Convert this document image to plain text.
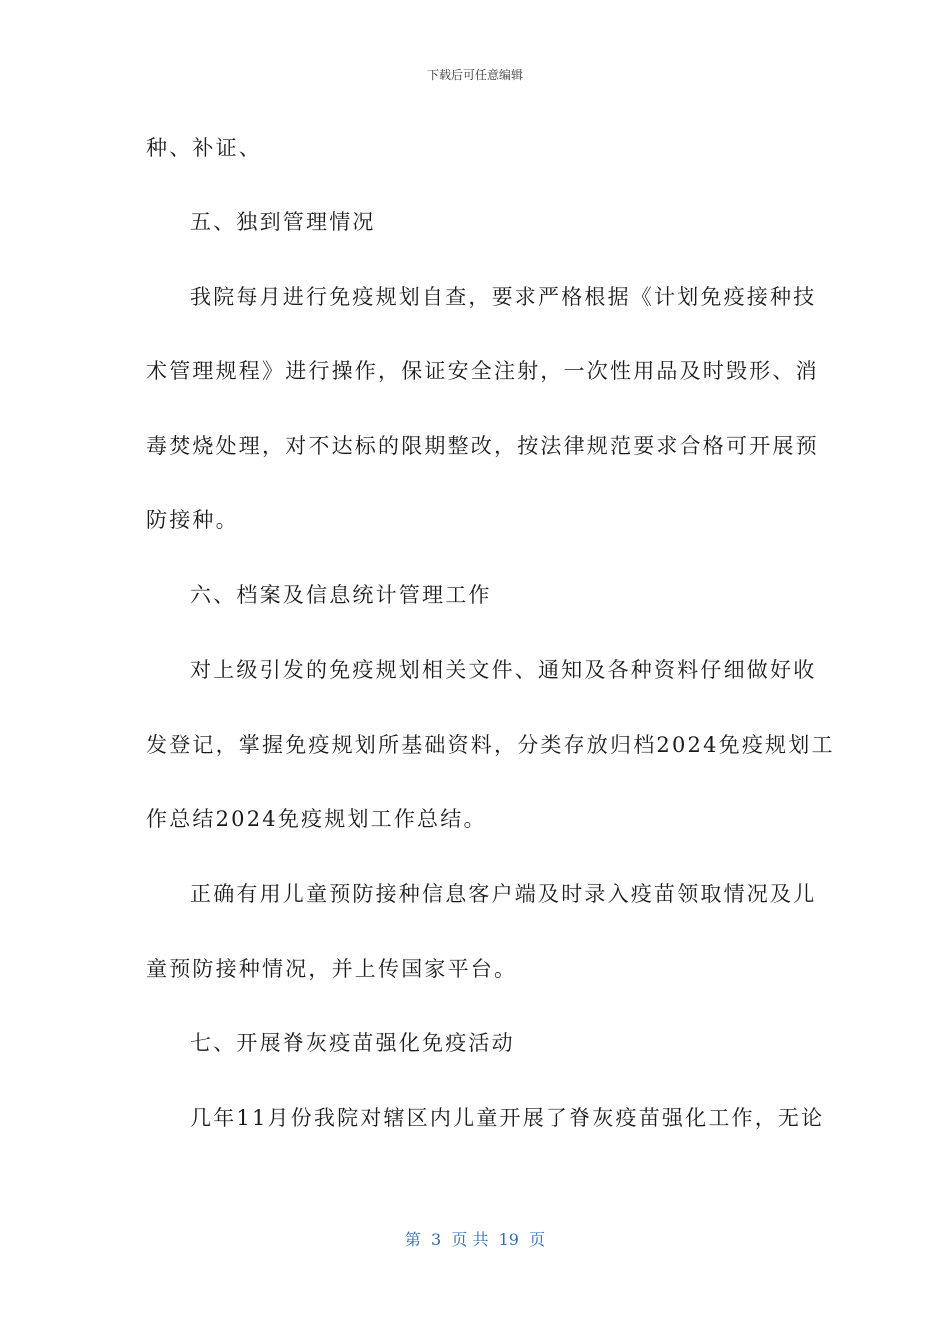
下载后可任意编辑
种、补证、
五、独到管理情况
我院每月进行免疫规划自查，要求严格根据《计划免疫接种技
术管理规程》进行操作，保证安全注射，一次性用品及时毁形、消
毒焚烧处理，对不达标的限期整改，按法律规范要求合格可开展预
防接种。
六、档案及信息统计管理工作
对上级引发的免疫规划相关文件、通知及各种资料仔细做好收
发登记，掌握免疫规划所基础资料，分类存放归档2024免疫规划工
作总结2024免疫规划工作总结。
正确有用儿童预防接种信息客户端及时录入疫苗领取情况及儿
童预防接种情况，并上传国家平台。
七、开展脊灰疫苗强化免疫活动
几年11月份我院对辖区内儿童开展了脊灰疫苗强化工作，无论
第  3  页 共  19  页
